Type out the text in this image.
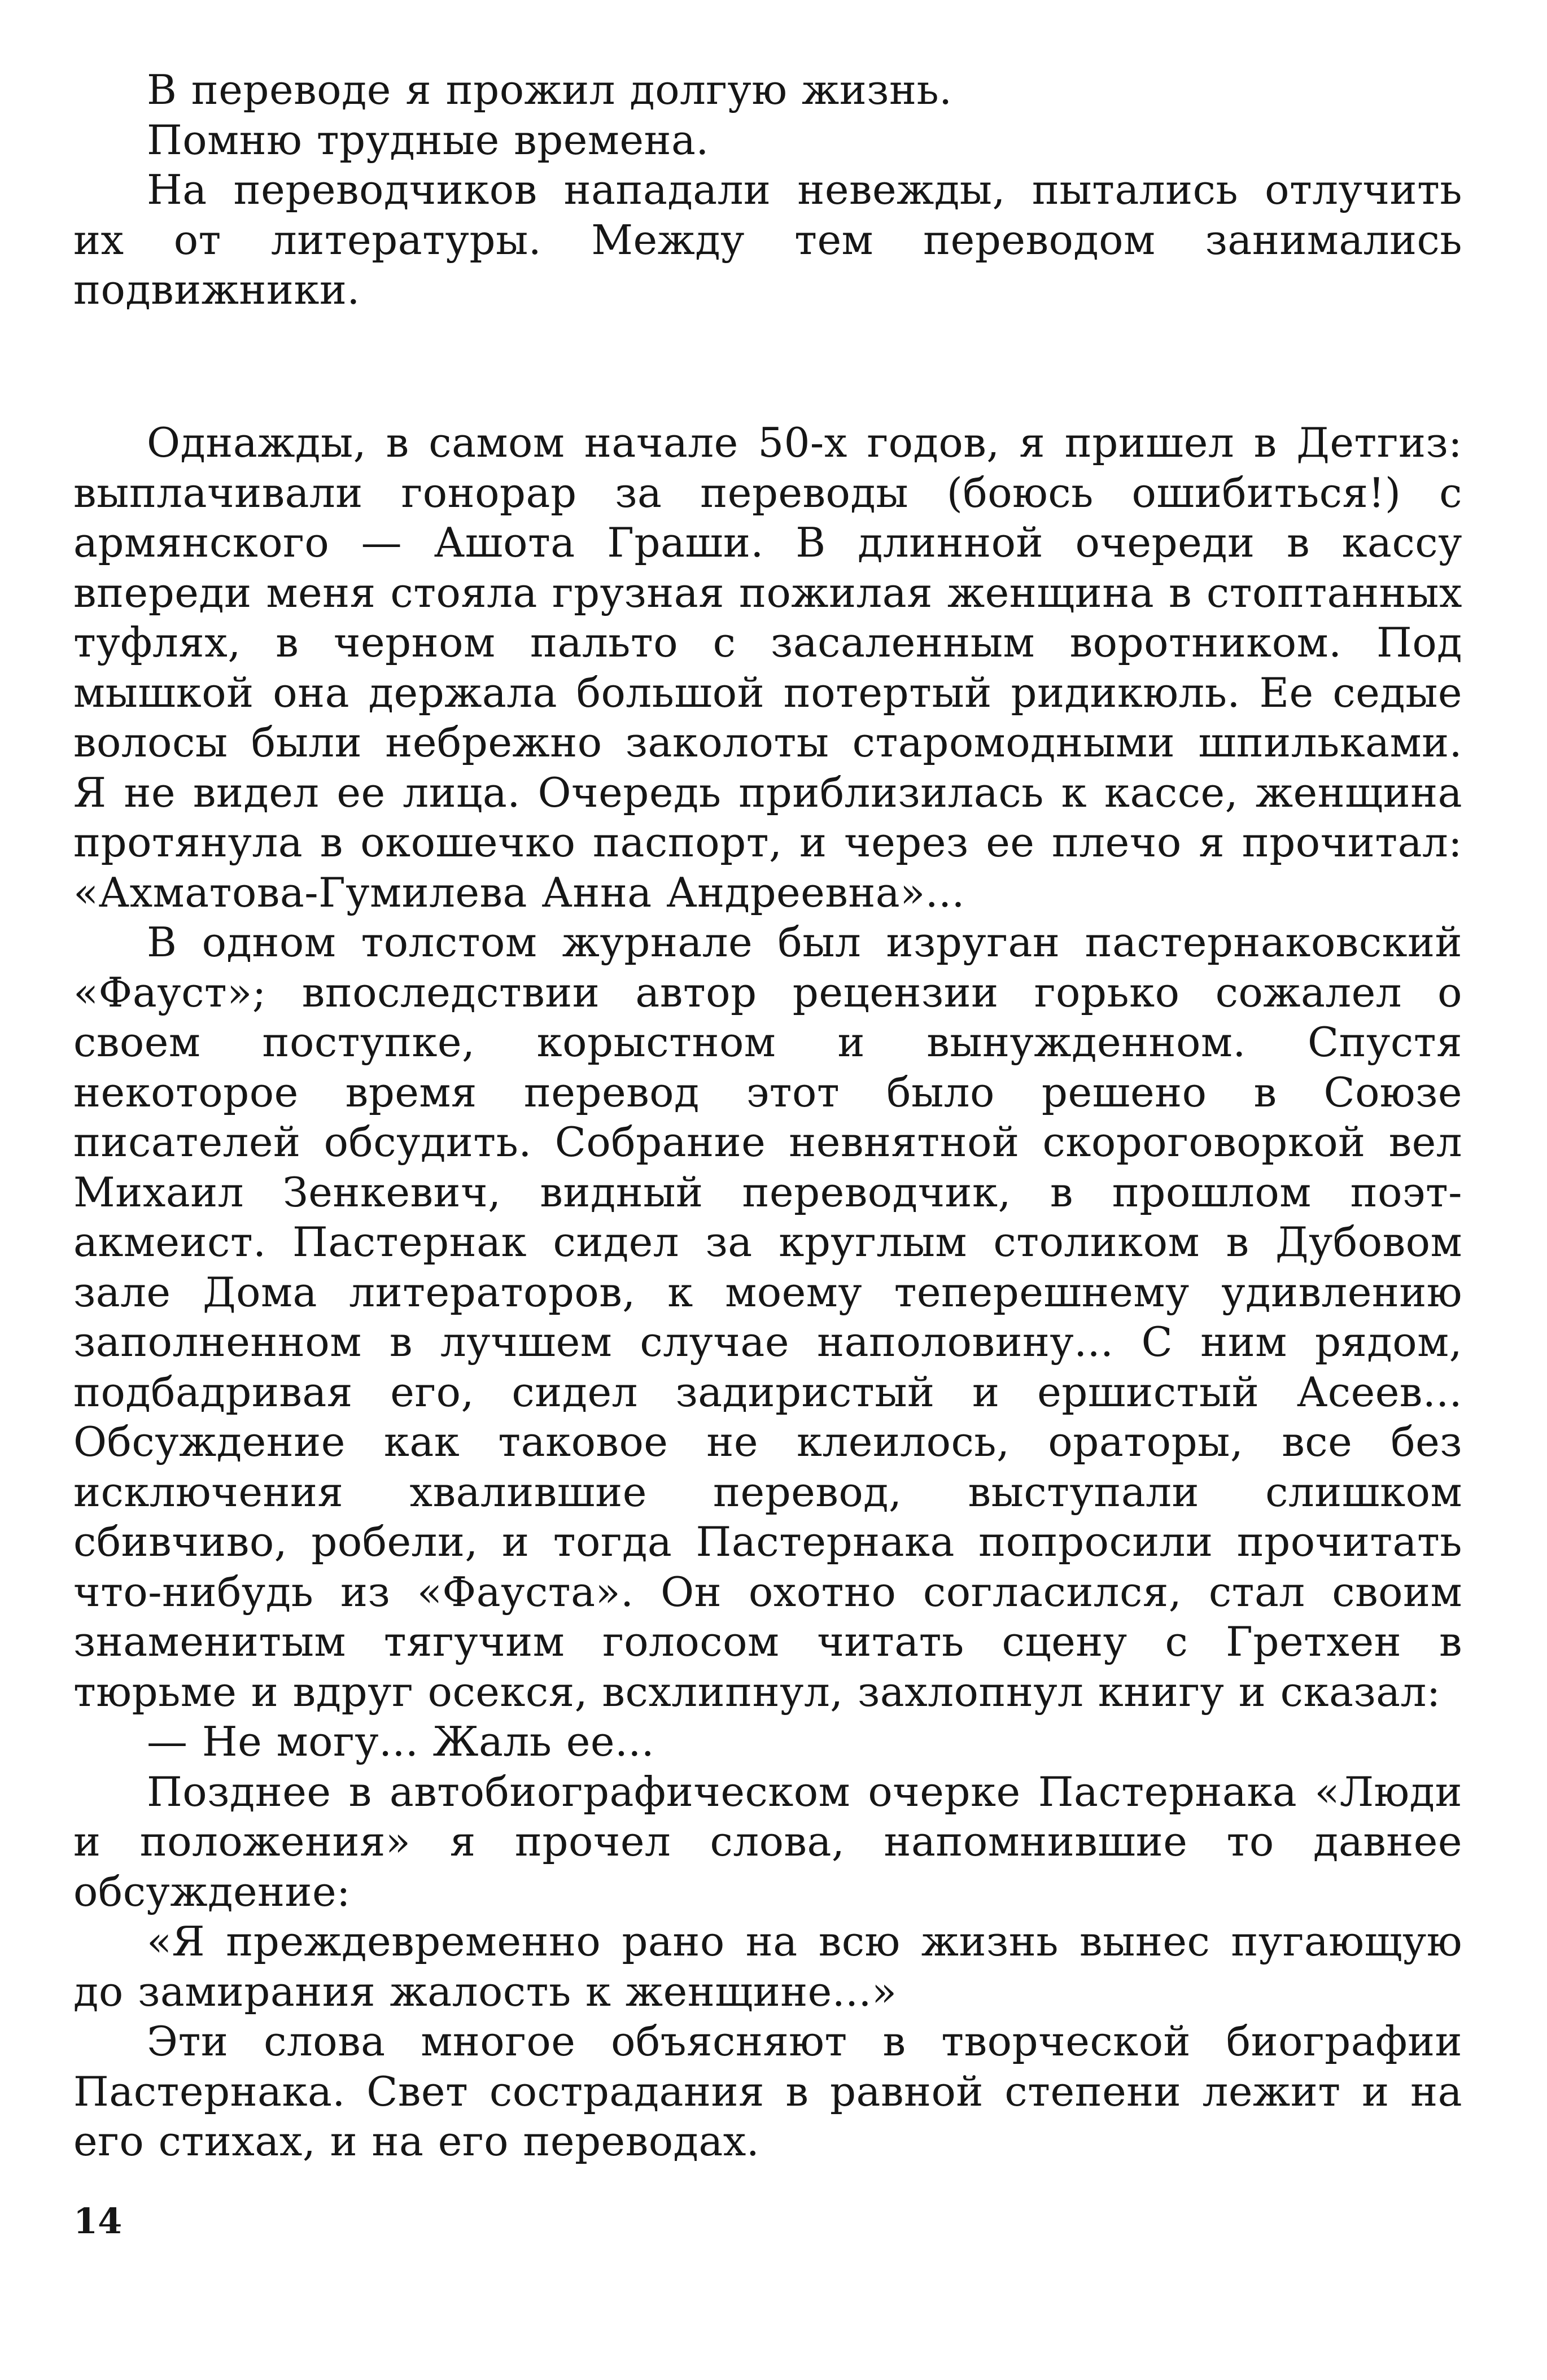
В переводе я прожил долгую жизнь.

Помню трудные времена.

На переводчиков нападали невежды, пытались отлучить их от литературы. Между тем переводом занимались подвижники.

Однажды, в самом начале 50-х годов, я пришел в Детгиз: выплачивали гонорар за переводы (боюсь ошибиться!) с армянского — Ашота Граши. В длинной очереди в кассу впереди меня стояла грузная пожилая женщина в стоптанных туфлях, в черном пальто с засаленным воротником. Под мышкой она держала большой потертый ридикюль. Ее седые волосы были небрежно заколоты старомодными шпильками. Я не видел ее лица. Очередь приблизилась к кассе, женщина протянула в окошечко паспорт, и через ее плечо я прочитал: «Ахматова-Гумилева Анна Андреевна»...

В одном толстом журнале был изруган пастернаковский «Фауст»; впоследствии автор рецензии горько сожалел о своем поступке, корыстном и вынужденном. Спустя некоторое время перевод этот было решено в Союзе писателей обсудить. Собрание невнятной скороговоркой вел Михаил Зенкевич, видный переводчик, в прошлом поэт-акмеист. Пастернак сидел за круглым столиком в Дубовом зале Дома литераторов, к моему теперешнему удивлению заполненном в лучшем случае наполовину... С ним рядом, подбадривая его, сидел задиристый и ершистый Асеев... Обсуждение как таковое не клеилось, ораторы, все без исключения хвалившие перевод, выступали слишком сбивчиво, робели, и тогда Пастернака попросили прочитать что-нибудь из «Фауста». Он охотно согласился, стал своим знаменитым тягучим голосом читать сцену с Гретхен в тюрьме и вдруг осекся, всхлипнул, захлопнул книгу и сказал:

— Не могу... Жаль ее...

Позднее в автобиографическом очерке Пастернака «Люди и положения» я прочел слова, напомнившие то давнее обсуждение:

«Я преждевременно рано на всю жизнь вынес пугающую до замирания жалость к женщине...»

Эти слова многое объясняют в творческой биографии Пастернака. Свет сострадания в равной степени лежит и на его стихах, и на его переводах.

14
